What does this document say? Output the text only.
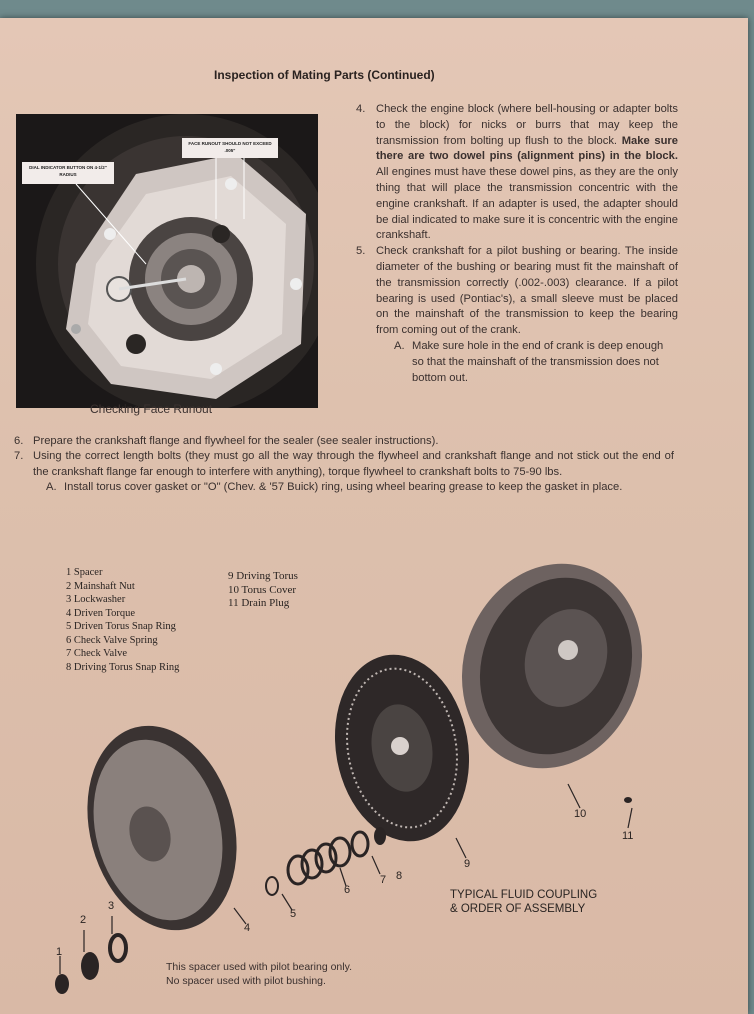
Inspection of Mating Parts (Continued)
DIAL INDICATOR BUTTON ON 4-1/2" RADIUS
FACE RUNOUT SHOULD NOT EXCEED .005"
Checking Face Runout
4. Check the engine block (where bell-housing or adapter bolts to the block) for nicks or burrs that may keep the transmission from bolting up flush to the block. Make sure there are two dowel pins (alignment pins) in the block. All engines must have these dowel pins, as they are the only thing that will place the transmission concentric with the engine crankshaft. If an adapter is used, the adapter should be dial indicated to make sure it is concentric with the engine crankshaft.
5. Check crankshaft for a pilot bushing or bearing. The inside diameter of the bushing or bearing must fit the mainshaft of the transmission correctly (.002-.003) clearance. If a pilot bearing is used (Pontiac's), a small sleeve must be placed on the mainshaft of the transmission to keep the bearing from coming out of the crank.
A. Make sure hole in the end of crank is deep enough so that the mainshaft of the transmission does not bottom out.
6. Prepare the crankshaft flange and flywheel for the sealer (see sealer instructions).
7. Using the correct length bolts (they must go all the way through the flywheel and crankshaft flange and not stick out the end of the crankshaft flange far enough to interfere with anything), torque flywheel to crankshaft bolts to 75-90 lbs.
A. Install torus cover gasket or "O" (Chev. & '57 Buick) ring, using wheel bearing grease to keep the gasket in place.
10
11
9
8
7
6
5
4
3
2
1
1 Spacer
2 Mainshaft Nut
3 Lockwasher
4 Driven Torque
5 Driven Torus Snap Ring
6 Check Valve Spring
7 Check Valve
8 Driving Torus Snap Ring
9 Driving Torus
10 Torus Cover
11 Drain Plug
TYPICAL FLUID COUPLING
& ORDER OF ASSEMBLY
This spacer used with pilot bearing only.
No spacer used with pilot bushing.
